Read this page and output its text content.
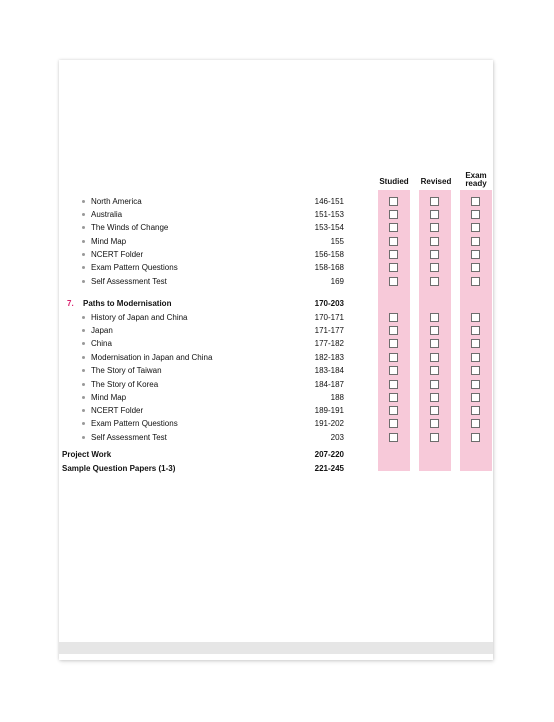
Studied	Revised
Exam
ready
North America	146-151
Australia	151-153
The Winds of Change	153-154
Mind Map	155
NCERT Folder	156-158
Exam Pattern Questions	158-168
Self Assessment Test	169
7. Paths to Modernisation	170-203
History of Japan and China	170-171
Japan	171-177
China	177-182
Modernisation in Japan and China	182-183
The Story of Taiwan	183-184
The Story of Korea	184-187
Mind Map	188
NCERT Folder	189-191
Exam Pattern Questions	191-202
Self Assessment Test	203
Project Work	207-220
Sample Question Papers (1-3)	221-245
